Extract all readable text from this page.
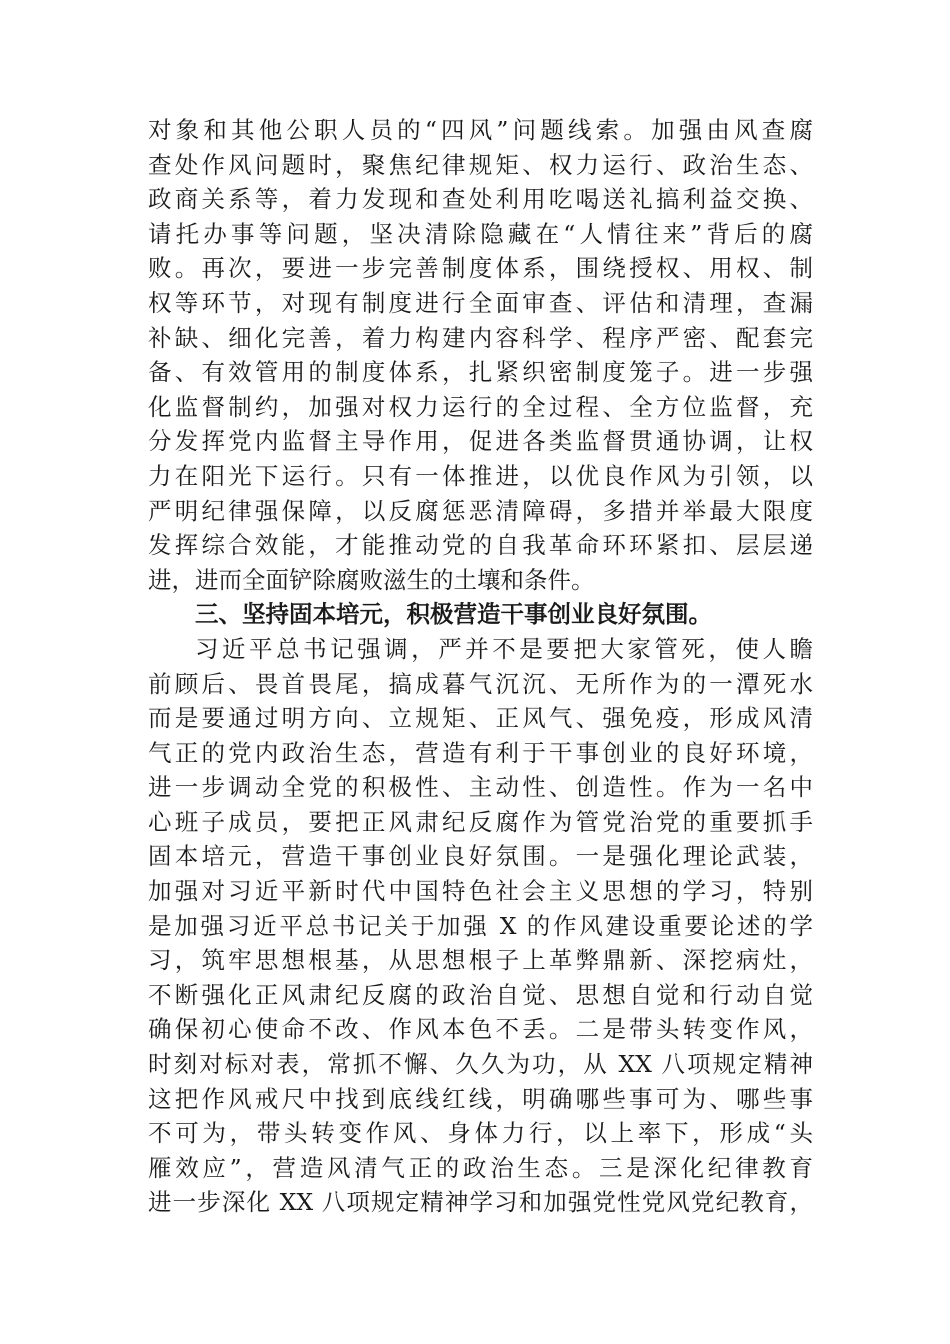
对象和其他公职人员的“四风”问题线索。加强由风查腐
查处作风问题时，聚焦纪律规矩、权力运行、政治生态、
政商关系等，着力发现和查处利用吃喝送礼搞利益交换、
请托办事等问题，坚决清除隐藏在“人情往来”背后的腐
败。再次，要进一步完善制度体系，围绕授权、用权、制
权等环节，对现有制度进行全面审查、评估和清理，查漏
补缺、细化完善，着力构建内容科学、程序严密、配套完
备、有效管用的制度体系，扎紧织密制度笼子。进一步强
化监督制约，加强对权力运行的全过程、全方位监督，充
分发挥党内监督主导作用，促进各类监督贯通协调，让权
力在阳光下运行。只有一体推进，以优良作风为引领，以
严明纪律强保障，以反腐惩恶清障碍，多措并举最大限度
发挥综合效能，才能推动党的自我革命环环紧扣、层层递
进，进而全面铲除腐败滋生的土壤和条件。
三、坚持固本培元，积极营造干事创业良好氛围。
习近平总书记强调，严并不是要把大家管死，使人瞻
前顾后、畏首畏尾，搞成暮气沉沉、无所作为的一潭死水
而是要通过明方向、立规矩、正风气、强免疫，形成风清
气正的党内政治生态，营造有利于干事创业的良好环境，
进一步调动全党的积极性、主动性、创造性。作为一名中
心班子成员，要把正风肃纪反腐作为管党治党的重要抓手
固本培元，营造干事创业良好氛围。一是强化理论武装，
加强对习近平新时代中国特色社会主义思想的学习，特别
是加强习近平总书记关于加强 X 的作风建设重要论述的学
习，筑牢思想根基，从思想根子上革弊鼎新、深挖病灶，
不断强化正风肃纪反腐的政治自觉、思想自觉和行动自觉
确保初心使命不改、作风本色不丢。二是带头转变作风，
时刻对标对表，常抓不懈、久久为功，从 XX 八项规定精神
这把作风戒尺中找到底线红线，明确哪些事可为、哪些事
不可为，带头转变作风、身体力行，以上率下，形成“头
雁效应”，营造风清气正的政治生态。三是深化纪律教育
进一步深化 XX 八项规定精神学习和加强党性党风党纪教育，
